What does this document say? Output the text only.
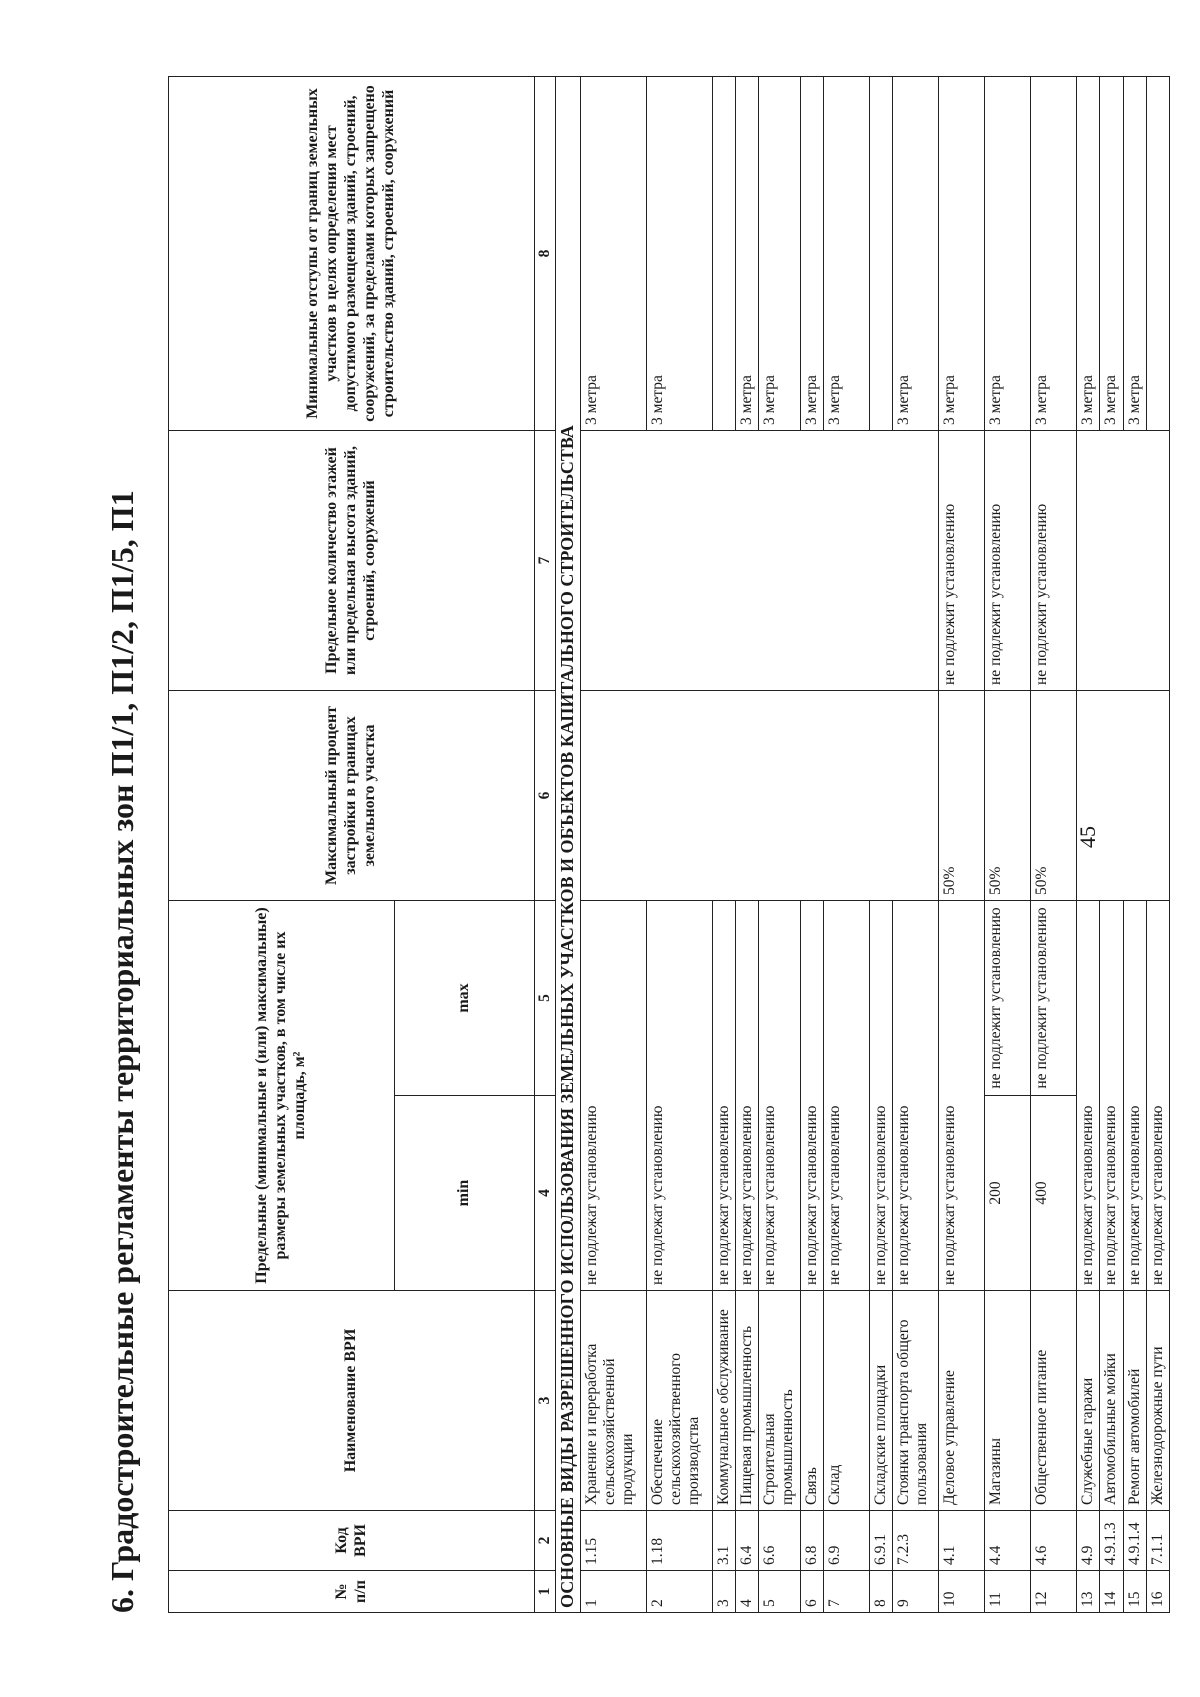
45
6. Градостроительные регламенты территориальных зон П1/1, П1/2, П1/5, П1	№ п/п	Код ВРИ	Наименование ВРИ	Предельные (минимальные и (или) максимальные) размеры земельных участков, в том числе их площадь, м²		Максимальный процент застройки в границах земельного участка	Предельное количество этажей или предельная высота зданий, строений, сооружений	Минимальные отступы от границ земельных участков в целях определения мест допустимого размещения зданий, строений, сооружений, за пределами которых запрещено строительство зданий, строений, сооружений
			min	max			
1	2	3	4	5	6	7	8
ОСНОВНЫЕ ВИДЫ РАЗРЕШЕННОГО ИСПОЛЬЗОВАНИЯ ЗЕМЕЛЬНЫХ УЧАСТКОВ И ОБЪЕКТОВ КАПИТАЛЬНОГО СТРОИТЕЛЬСТВА							
1	1.15	Хранение и переработка сельскохозяйственной продукции	не подлежат установлению				3 метра
2	1.18	Обеспечение сельскохозяйственного производства	не подлежат установлению				3 метра
3	3.1	Коммунальное обслуживание	не подлежат установлению				
4	6.4	Пищевая промышленность	не подлежат установлению				3 метра
5	6.6	Строительная промышленность	не подлежат установлению				3 метра
6	6.8	Связь	не подлежат установлению				3 метра
7	6.9	Склад	не подлежат установлению				3 метра
8	6.9.1	Складские площадки	не подлежат установлению				
9	7.2.3	Стоянки транспорта общего пользования	не подлежат установлению				3 метра
10	4.1	Деловое управление	не подлежат установлению		50%	не подлежит установлению	3 метра
11	4.4	Магазины	200	не подлежит установлению	50%	не подлежит установлению	3 метра
12	4.6	Общественное питание	400	не подлежит установлению	50%	не подлежит установлению	3 метра
13	4.9	Служебные гаражи	не подлежат установлению				3 метра
14	4.9.1.3	Автомобильные мойки	не подлежат установлению				3 метра
15	4.9.1.4	Ремонт автомобилей	не подлежат установлению				3 метра
16	7.1.1	Железнодорожные пути	не подлежат установлению				
